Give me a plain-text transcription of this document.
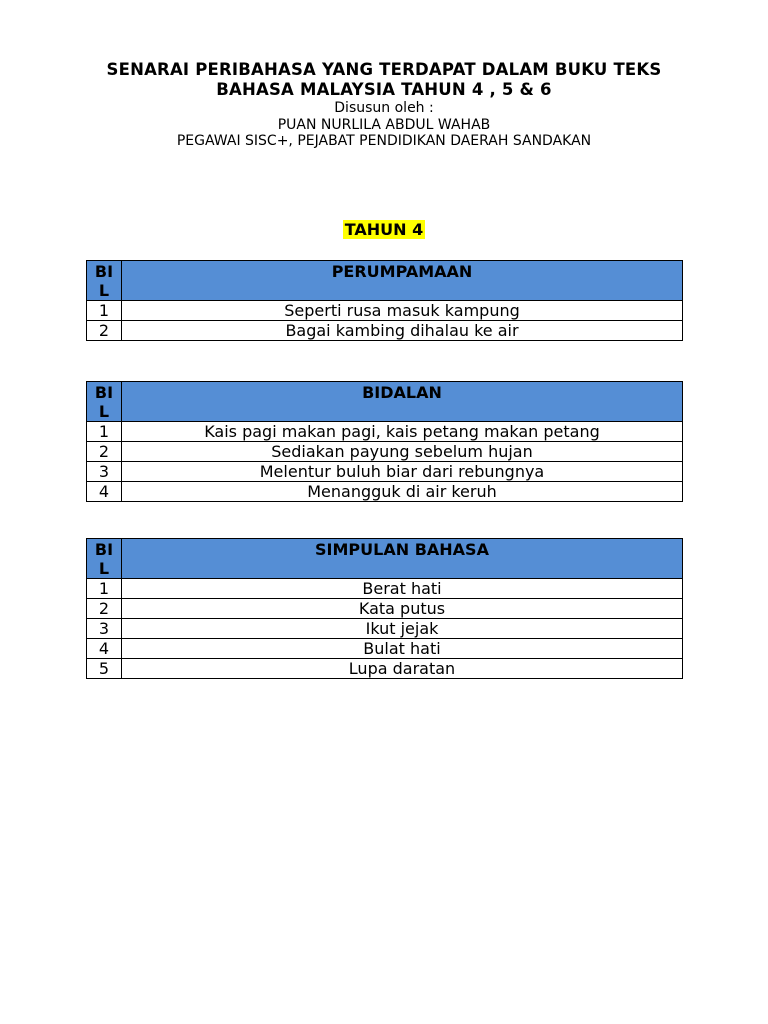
SENARAI PERIBAHASA YANG TERDAPAT DALAM BUKU TEKS
BAHASA MALAYSIA TAHUN 4 , 5 & 6
Disusun oleh :
PUAN NURLILA ABDUL WAHAB
PEGAWAI SISC+, PEJABAT PENDIDIKAN DAERAH SANDAKAN
TAHUN 4
BI
L	PERUMPAMAAN
1	Seperti rusa masuk kampung
2	Bagai kambing dihalau ke air
BI
L	BIDALAN
1	Kais pagi makan pagi, kais petang makan petang
2	Sediakan payung sebelum hujan
3	Melentur buluh biar dari rebungnya
4	Menangguk di air keruh
BI
L	SIMPULAN BAHASA
1	Berat hati
2	Kata putus
3	Ikut jejak
4	Bulat hati
5	Lupa daratan
